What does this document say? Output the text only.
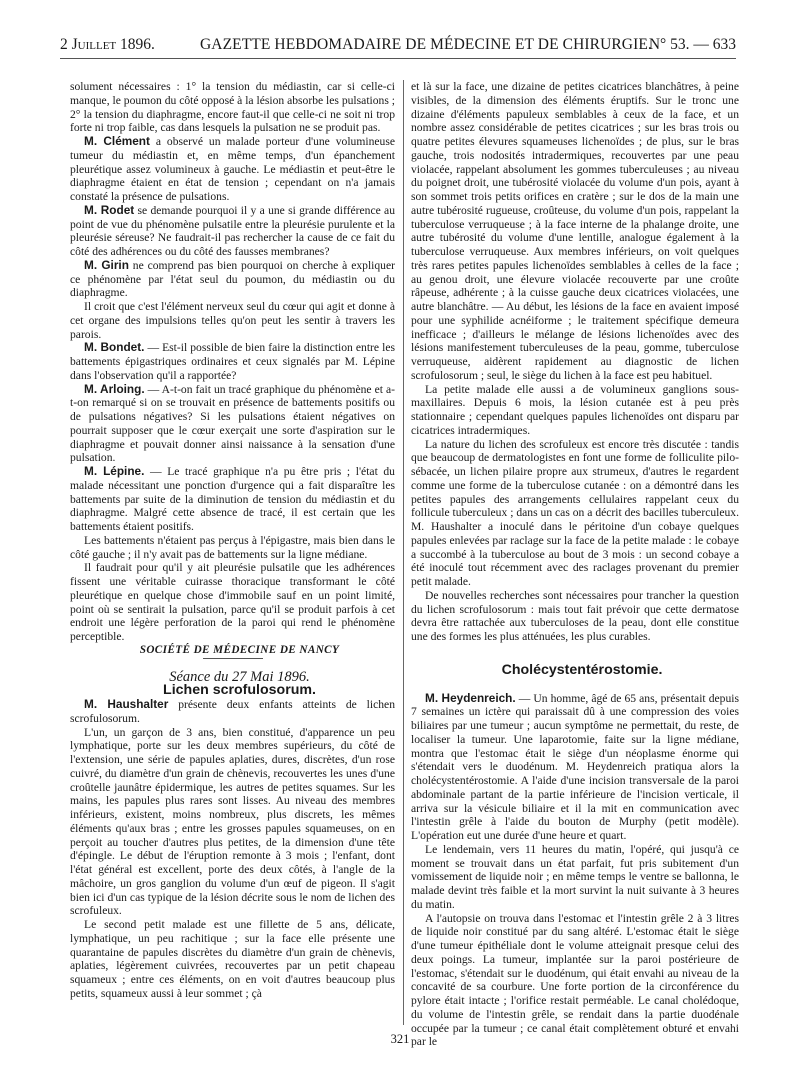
2 Juillet 1896.	GAZETTE HEBDOMADAIRE DE MÉDECINE ET DE CHIRURGIE.
N° 53. — 633

solument nécessaires : 1° la tension du médiastin, car si celle-ci manque, le poumon du côté opposé à la lésion absorbe les pulsations ; 2° la tension du diaphragme, encore faut-il que celle-ci ne soit ni trop forte ni trop faible, cas dans lesquels la pulsation ne se produit pas.

M. Clément a observé un malade porteur d'une volumineuse tumeur du médiastin et, en même temps, d'un épanchement pleurétique assez volumineux à gauche. Le médiastin et peut-être le diaphragme étaient en état de tension ; cependant on n'a jamais constaté la présence de pulsations.

M. Rodet se demande pourquoi il y a une si grande différence au point de vue du phénomène pulsatile entre la pleurésie purulente et la pleurésie séreuse? Ne faudrait-il pas rechercher la cause de ce fait du côté des adhérences ou du côté des fausses membranes?

M. Girin ne comprend pas bien pourquoi on cherche à expliquer ce phénomène par l'état seul du poumon, du médiastin ou du diaphragme.

Il croit que c'est l'élément nerveux seul du cœur qui agit et donne à cet organe des impulsions telles qu'on peut les sentir à travers les parois.

M. Bondet. — Est-il possible de bien faire la distinction entre les battements épigastriques ordinaires et ceux signalés par M. Lépine dans l'observation qu'il a rapportée?

M. Arloing. — A-t-on fait un tracé graphique du phénomène et a-t-on remarqué si on se trouvait en présence de battements positifs ou de pulsations négatives? Si les pulsations étaient négatives on pourrait supposer que le cœur exerçait une sorte d'aspiration sur le diaphragme et pouvait donner ainsi naissance à la sensation d'une pulsation.

M. Lépine. — Le tracé graphique n'a pu être pris ; l'état du malade nécessitant une ponction d'urgence qui a fait disparaître les battements par suite de la diminution de tension du médiastin et du diaphragme. Malgré cette absence de tracé, il est certain que les battements étaient positifs.

Les battements n'étaient pas perçus à l'épigastre, mais bien dans le côté gauche ; il n'y avait pas de battements sur la ligne médiane.

Il faudrait pour qu'il y ait pleurésie pulsatile que les adhérences fissent une véritable cuirasse thoracique transformant le côté pleurétique en quelque chose d'immobile sauf en un point limité, point où se sentirait la pulsation, parce qu'il se produit parfois à cet endroit une légère perforation de la paroi qui rend le phénomène perceptible.

SOCIÉTÉ DE MÉDECINE DE NANCY

Séance du 27 Mai 1896.

Lichen scrofulosorum.

M. Haushalter présente deux enfants atteints de lichen scrofulosorum.

L'un, un garçon de 3 ans, bien constitué, d'apparence un peu lymphatique, porte sur les deux membres supérieurs, du côté de l'extension, une série de papules aplaties, dures, discrètes, d'un rose cuivré, du diamètre d'un grain de chènevis, recouvertes les unes d'une croûtelle jaunâtre épidermique, les autres de petites squames. Sur les mains, les papules plus rares sont lisses. Au niveau des membres inférieurs, existent, moins nombreux, plus discrets, les mêmes éléments qu'aux bras ; entre les grosses papules squameuses, on en perçoit au toucher d'autres plus petites, de la dimension d'une tête d'épingle. Le début de l'éruption remonte à 3 mois ; l'enfant, dont l'état général est excellent, porte des deux côtés, à l'angle de la mâchoire, un gros ganglion du volume d'un œuf de pigeon. Il s'agit bien ici d'un cas typique de la lésion décrite sous le nom de lichen des scrofuleux.

Le second petit malade est une fillette de 5 ans, délicate, lymphatique, un peu rachitique ; sur la face elle présente une quarantaine de papules discrètes du diamètre d'un grain de chènevis, aplaties, légèrement cuivrées, recouvertes par un petit chapeau squameux ; entre ces éléments, on en voit d'autres beaucoup plus petits, squameux aussi à leur sommet ; çà

et là sur la face, une dizaine de petites cicatrices blanchâtres, à peine visibles, de la dimension des éléments éruptifs. Sur le tronc une dizaine d'éléments papuleux semblables à ceux de la face, et un nombre assez considérable de petites cicatrices ; sur les bras trois ou quatre petites élevures squameuses lichenoïdes ; de plus, sur le bras gauche, trois nodosités intradermiques, recouvertes par une peau violacée, rappelant absolument les gommes tuberculeuses ; au niveau du poignet droit, une tubérosité violacée du volume d'un pois, ayant à son sommet trois petits orifices en cratère ; sur le dos de la main une autre tubérosité rugueuse, croûteuse, du volume d'un pois, rappelant la tuberculose verruqueuse ; à la face interne de la phalange droite, une autre tubérosité du volume d'une lentille, analogue également à la tuberculose verruqueuse. Aux membres inférieurs, on voit quelques très rares petites papules lichenoïdes semblables à celles de la face ; au genou droit, une élevure violacée recouverte par une croûte râpeuse, adhérente ; à la cuisse gauche deux cicatrices violacées, une autre blanchâtre. — Au début, les lésions de la face en avaient imposé pour une syphilide acnéiforme ; le traitement spécifique demeura inefficace ; d'ailleurs le mélange de lésions lichenoïdes avec des lésions manifestement tuberculeuses de la peau, gomme, tuberculose verruqueuse, aidèrent rapidement au diagnostic de lichen scrofulosorum ; seul, le siège du lichen à la face est peu habituel.

La petite malade elle aussi a de volumineux ganglions sous-maxillaires. Depuis 6 mois, la lésion cutanée est à peu près stationnaire ; cependant quelques papules lichenoïdes ont disparu par cicatrices intradermiques.

La nature du lichen des scrofuleux est encore très discutée : tandis que beaucoup de dermatologistes en font une forme de folliculite pilo-sébacée, un lichen pilaire propre aux strumeux, d'autres le regardent comme une forme de la tuberculose cutanée : on a démontré dans les petites papules des arrangements cellulaires rappelant ceux du follicule tuberculeux ; dans un cas on a décrit des bacilles tuberculeux. M. Haushalter a inoculé dans le péritoine d'un cobaye quelques papules enlevées par raclage sur la face de la petite malade : le cobaye a succombé à la tuberculose au bout de 3 mois : un second cobaye a été inoculé tout récemment avec des raclages provenant du premier petit malade.

De nouvelles recherches sont nécessaires pour trancher la question du lichen scrofulosorum : mais tout fait prévoir que cette dermatose devra être rattachée aux tuberculoses de la peau, dont elle constitue une des formes les plus atténuées, les plus curables.

Cholécystentérostomie.

M. Heydenreich. — Un homme, âgé de 65 ans, présentait depuis 7 semaines un ictère qui paraissait dû à une compression des voies biliaires par une tumeur ; aucun symptôme ne permettait, du reste, de localiser la tumeur. Une laparotomie, faite sur la ligne médiane, montra que l'estomac était le siège d'un néoplasme énorme qui s'étendait vers le duodénum. M. Heydenreich pratiqua alors la cholécystentérostomie. A l'aide d'une incision transversale de la paroi abdominale partant de la partie inférieure de l'incision verticale, il arriva sur la vésicule biliaire et il la mit en communication avec l'intestin grêle à l'aide du bouton de Murphy (petit modèle). L'opération eut une durée d'une heure et quart.

Le lendemain, vers 11 heures du matin, l'opéré, qui jusqu'à ce moment se trouvait dans un état parfait, fut pris subitement d'un vomissement de liquide noir ; en même temps le ventre se ballonna, le malade devint très faible et la mort survint la nuit suivante à 3 heures du matin.

A l'autopsie on trouva dans l'estomac et l'intestin grêle 2 à 3 litres de liquide noir constitué par du sang altéré. L'estomac était le siège d'une tumeur épithéliale dont le volume atteignait presque celui des deux poings. La tumeur, implantée sur la paroi postérieure de l'estomac, s'étendait sur le duodénum, qui était envahi au niveau de la concavité de sa courbure. Une forte portion de la circonférence du pylore était intacte ; l'orifice restait perméable. Le canal cholédoque, du volume de l'intestin grêle, se rendait dans la partie duodénale occupée par la tumeur ; ce canal était complètement obturé et envahi par le

321
